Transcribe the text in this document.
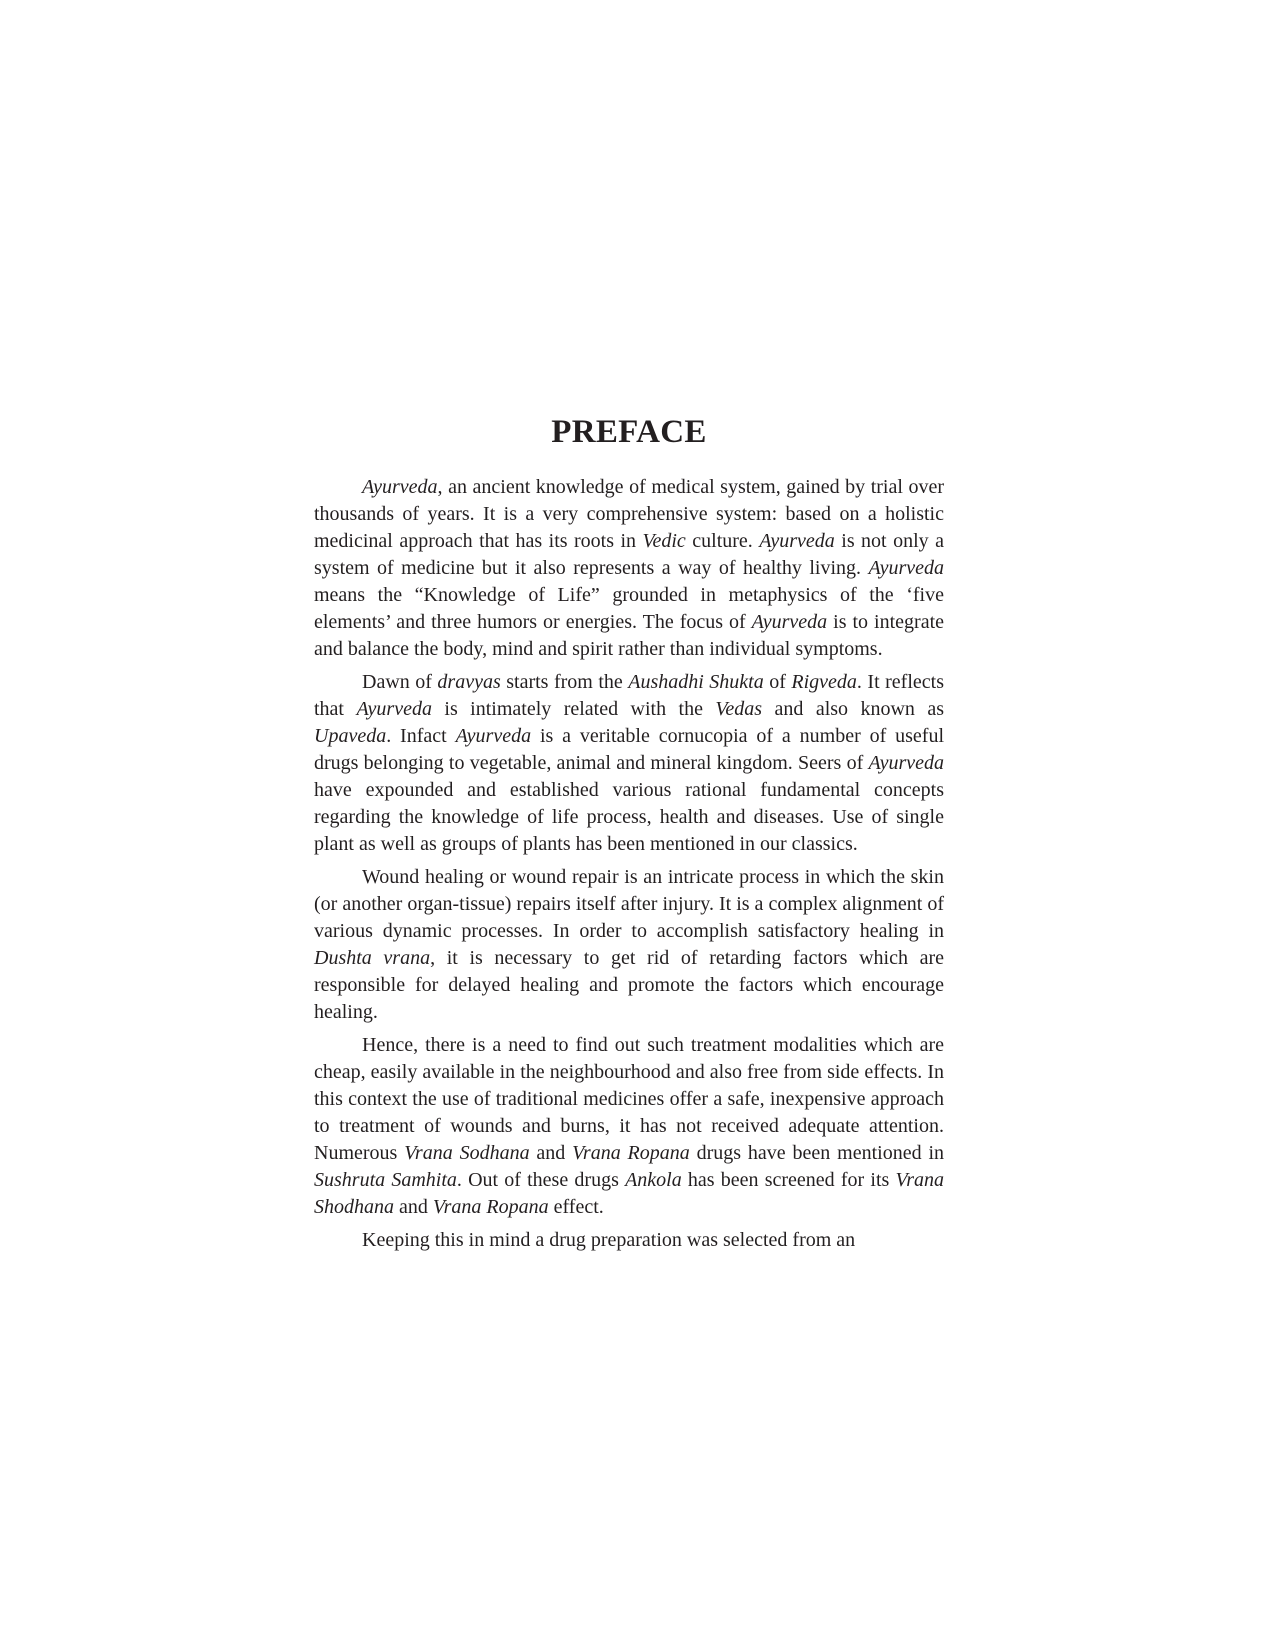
PREFACE

Ayurveda, an ancient knowledge of medical system, gained by trial over thousands of years. It is a very comprehensive system: based on a holistic medicinal approach that has its roots in Vedic culture. Ayurveda is not only a system of medicine but it also represents a way of healthy living. Ayurveda means the “Knowledge of Life” grounded in metaphysics of the ‘five elements’ and three humors or energies. The focus of Ayurveda is to integrate and balance the body, mind and spirit rather than individual symptoms.

Dawn of dravyas starts from the Aushadhi Shukta of Rigveda. It reflects that Ayurveda is intimately related with the Vedas and also known as Upaveda. Infact Ayurveda is a veritable cornucopia of a number of useful drugs belonging to vegetable, animal and mineral kingdom. Seers of Ayurveda have expounded and established various rational fundamental concepts regarding the knowledge of life process, health and diseases. Use of single plant as well as groups of plants has been mentioned in our classics.

Wound healing or wound repair is an intricate process in which the skin (or another organ-tissue) repairs itself after injury. It is a complex alignment of various dynamic processes. In order to accomplish satisfactory healing in Dushta vrana, it is necessary to get rid of retarding factors which are responsible for delayed healing and promote the factors which encourage healing.

Hence, there is a need to find out such treatment modalities which are cheap, easily available in the neighbourhood and also free from side effects. In this context the use of traditional medicines offer a safe, inexpensive approach to treatment of wounds and burns, it has not received adequate attention. Numerous Vrana Sodhana and Vrana Ropana drugs have been mentioned in Sushruta Samhita. Out of these drugs Ankola has been screened for its Vrana Shodhana and Vrana Ropana effect.

Keeping this in mind a drug preparation was selected from an
